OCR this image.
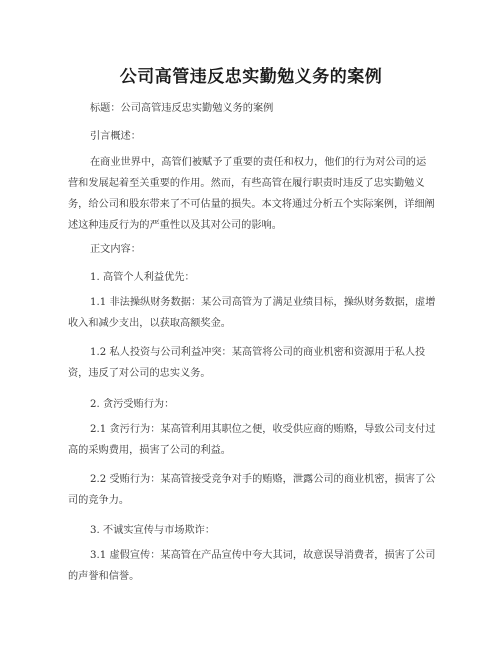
公司高管违反忠实勤勉义务的案例

标题：公司高管违反忠实勤勉义务的案例

引言概述：

在商业世界中，高管们被赋予了重要的责任和权力，他们的行为对公司的运营和发展起着至关重要的作用。然而，有些高管在履行职责时违反了忠实勤勉义务，给公司和股东带来了不可估量的损失。本文将通过分析五个实际案例，详细阐述这种违反行为的严重性以及其对公司的影响。

正文内容：

1. 高管个人利益优先：

1.1 非法操纵财务数据：某公司高管为了满足业绩目标，操纵财务数据，虚增收入和减少支出，以获取高额奖金。

1.2 私人投资与公司利益冲突：某高管将公司的商业机密和资源用于私人投资，违反了对公司的忠实义务。

2. 贪污受贿行为：

2.1 贪污行为：某高管利用其职位之便，收受供应商的贿赂，导致公司支付过高的采购费用，损害了公司的利益。

2.2 受贿行为：某高管接受竞争对手的贿赂，泄露公司的商业机密，损害了公司的竞争力。

3. 不诚实宣传与市场欺诈：

3.1 虚假宣传：某高管在产品宣传中夸大其词，故意误导消费者，损害了公司的声誉和信誉。
